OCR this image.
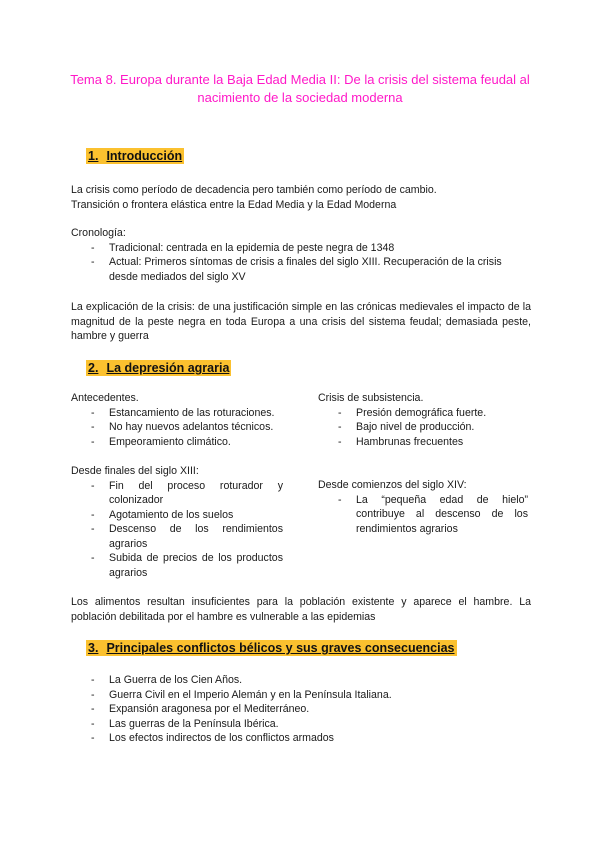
Tema 8. Europa durante la Baja Edad Media II: De la crisis del sistema feudal al nacimiento de la sociedad moderna
1. Introducción

La crisis como período de decadencia pero también como período de cambio.

Transición o frontera elástica entre la Edad Media y la Edad Moderna

Cronología:

- Tradicional: centrada en la epidemia de peste negra de 1348
- Actual: Primeros síntomas de crisis a finales del siglo XIII. Recuperación de la crisis desde mediados del siglo XV
La explicación de la crisis: de una justificación simple en las crónicas medievales el impacto de la magnitud de la peste negra en toda Europa a una crisis del sistema feudal; demasiada peste, hambre y guerra
2. La depresión agraria

Antecedentes.

- Estancamiento de las roturaciones.
- No hay nuevos adelantos técnicos.
- Empeoramiento climático.

Crisis de subsistencia.

- Presión demográfica fuerte.
- Bajo nivel de producción.
- Hambrunas frecuentes

Desde finales del siglo XIII:

- Fin del proceso roturador y colonizador
- Agotamiento de los suelos
- Descenso de los rendimientos agrarios
- Subida de precios de los productos agrarios

Desde comienzos del siglo XIV:

- La “pequeña edad de hielo” contribuye al descenso de los rendimientos agrarios
Los alimentos resultan insuficientes para la población existente y aparece el hambre. La población debilitada por el hambre es vulnerable a las epidemias
3. Principales conflictos bélicos y sus graves consecuencias
- La Guerra de los Cien Años.
- Guerra Civil en el Imperio Alemán y en la Península Italiana.
- Expansión aragonesa por el Mediterráneo.
- Las guerras de la Península Ibérica.
- Los efectos indirectos de los conflictos armados
